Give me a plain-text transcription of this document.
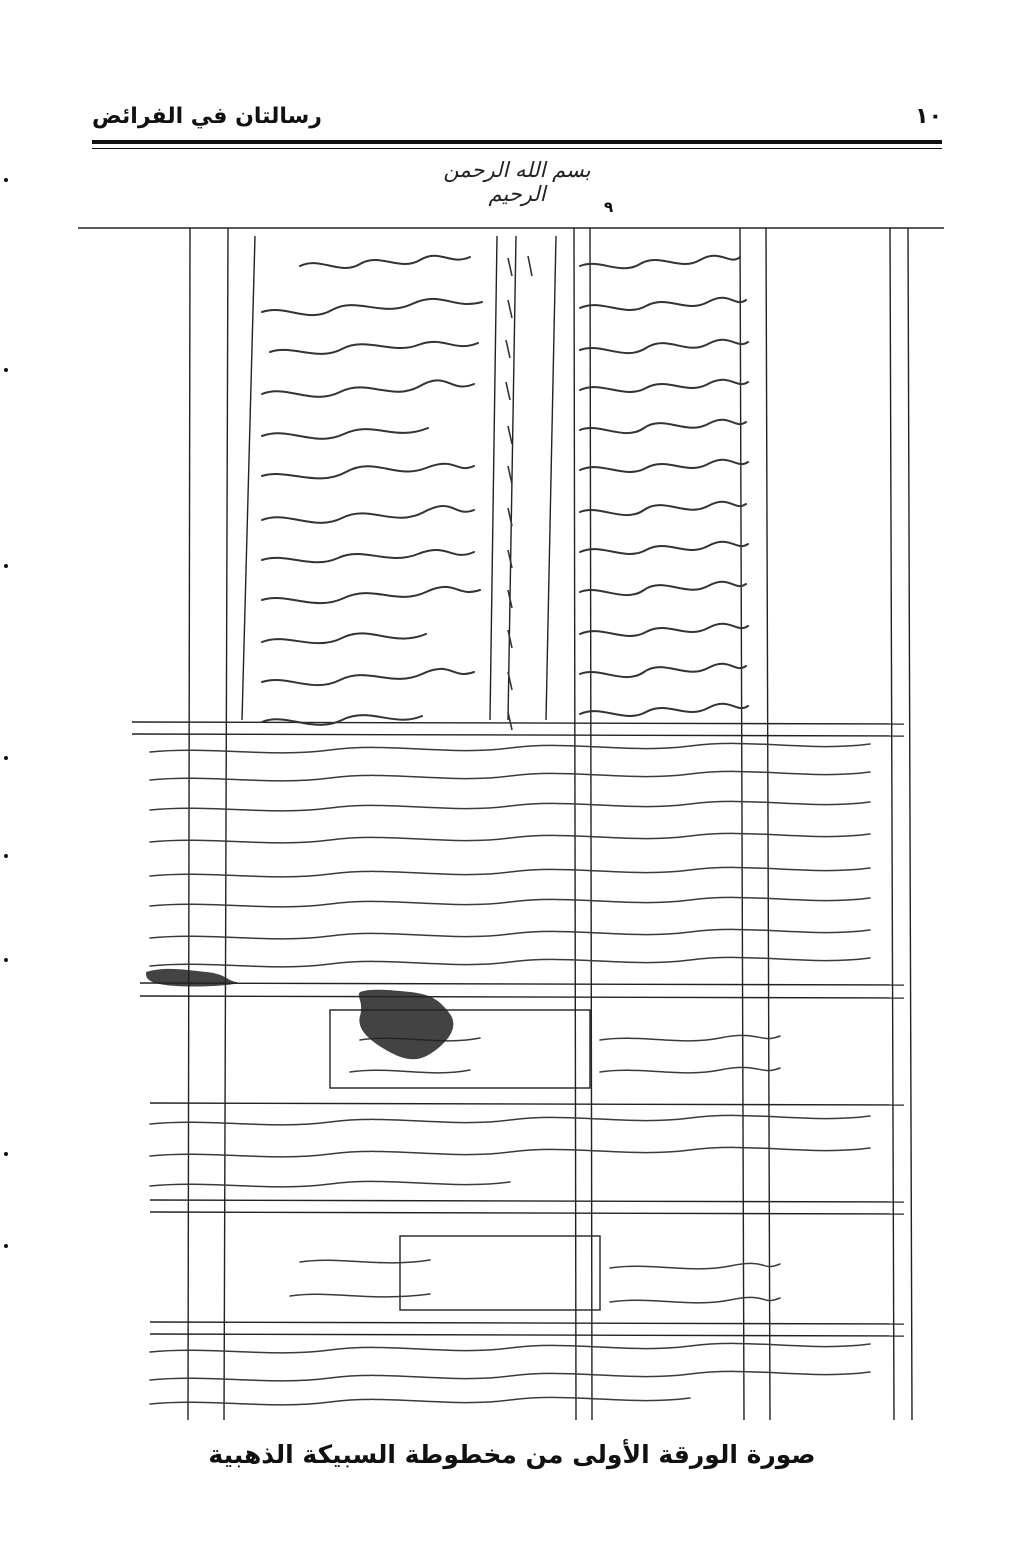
رسالتان في الفرائض	١٠
بسم الله الرحمن الرحيم
٩
صورة الورقة الأولى من مخطوطة السبيكة الذهبية
